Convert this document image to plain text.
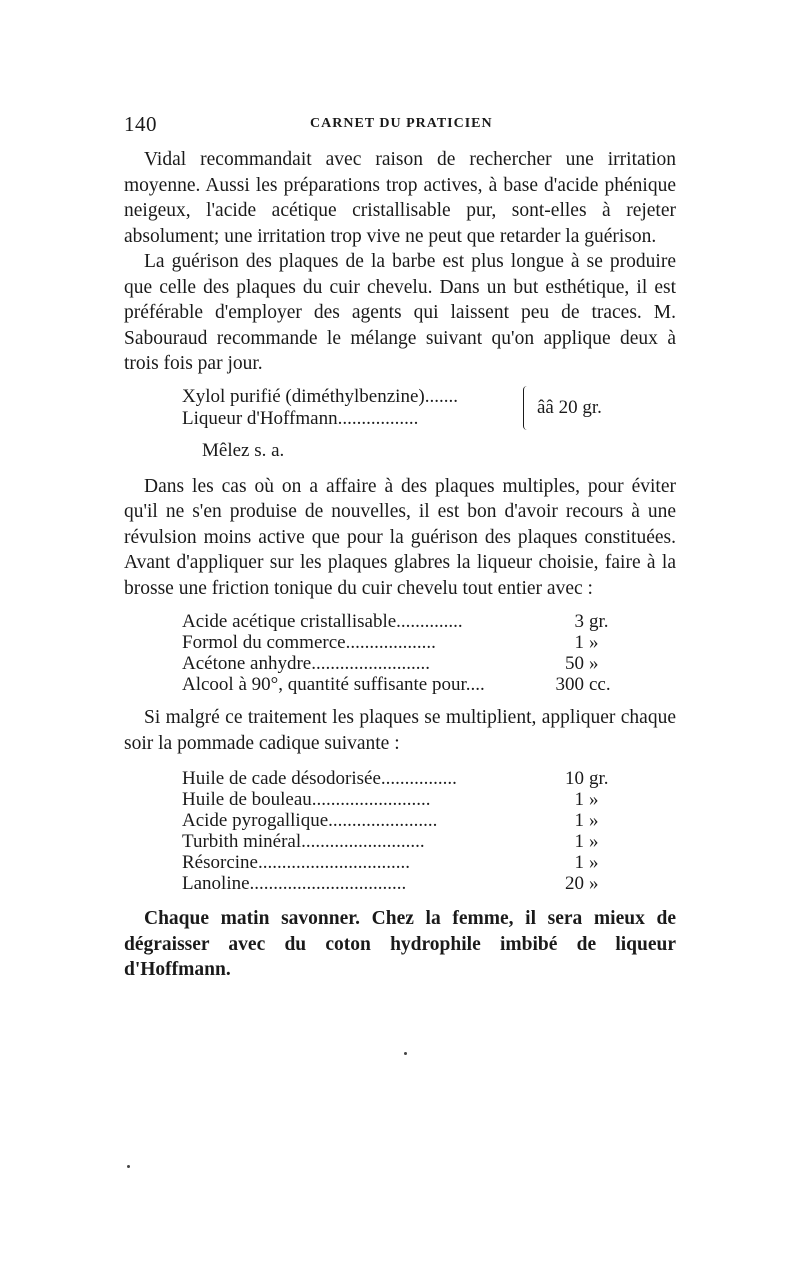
140	CARNET DU PRATICIEN

Vidal recommandait avec raison de rechercher une irritation moyenne. Aussi les préparations trop actives, à base d'acide phénique neigeux, l'acide acétique cristallisable pur, sont-elles à rejeter absolument; une irritation trop vive ne peut que retarder la guérison.

La guérison des plaques de la barbe est plus longue à se produire que celle des plaques du cuir chevelu. Dans un but esthétique, il est préférable d'employer des agents qui laissent peu de traces. M. Sabouraud recommande le mélange suivant qu'on applique deux à trois fois par jour.

Xylol purifié (diméthylbenzine).......
Liqueur d'Hoffmann.................
ââ 20 gr.
Mêlez s. a.

Dans les cas où on a affaire à des plaques multiples, pour éviter qu'il ne s'en produise de nouvelles, il est bon d'avoir recours à une révulsion moins active que pour la guérison des plaques constituées. Avant d'appliquer sur les plaques glabres la liqueur choisie, faire à la brosse une friction tonique du cuir chevelu tout entier avec :

Acide acétique cristallisable..............	3	gr.
Formol du commerce...................	1	»
Acétone anhydre.........................	50	»
Alcool à 90°, quantité suffisante pour....	300	cc.

Si malgré ce traitement les plaques se multiplient, appliquer chaque soir la pommade cadique suivante :

Huile de cade désodorisée................	10	gr.
Huile de bouleau.........................	1	»
Acide pyrogallique.......................	1	»
Turbith minéral..........................	1	»
Résorcine................................	1	»
Lanoline.................................	20	»

Chaque matin savonner. Chez la femme, il sera mieux de dégraisser avec du coton hydrophile imbibé de liqueur d'Hoffmann.
